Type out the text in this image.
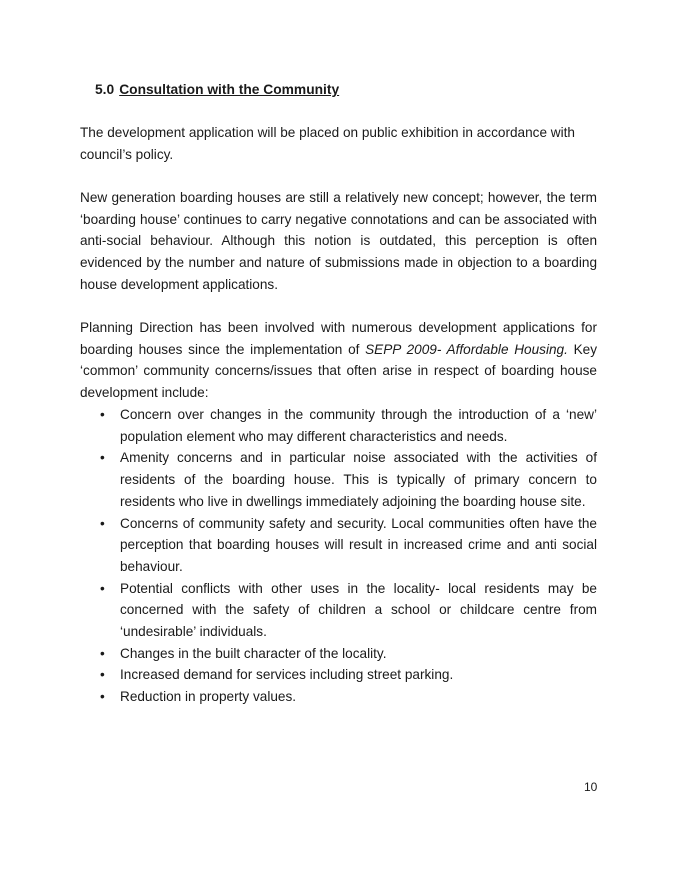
5.0 Consultation with the Community

The development application will be placed on public exhibition in accordance with council’s policy.

New generation boarding houses are still a relatively new concept; however, the term ‘boarding house’ continues to carry negative connotations and can be associated with anti-social behaviour. Although this notion is outdated, this perception is often evidenced by the number and nature of submissions made in objection to a boarding house development applications.

Planning Direction has been involved with numerous development applications for boarding houses since the implementation of SEPP 2009- Affordable Housing. Key ‘common’ community concerns/issues that often arise in respect of boarding house development include:

• Concern over changes in the community through the introduction of a ‘new’ population element who may different characteristics and needs.
• Amenity concerns and in particular noise associated with the activities of residents of the boarding house. This is typically of primary concern to residents who live in dwellings immediately adjoining the boarding house site.
• Concerns of community safety and security. Local communities often have the perception that boarding houses will result in increased crime and anti social behaviour.
• Potential conflicts with other uses in the locality- local residents may be concerned with the safety of children a school or childcare centre from ‘undesirable’ individuals.
• Changes in the built character of the locality.
• Increased demand for services including street parking.
• Reduction in property values.
10
